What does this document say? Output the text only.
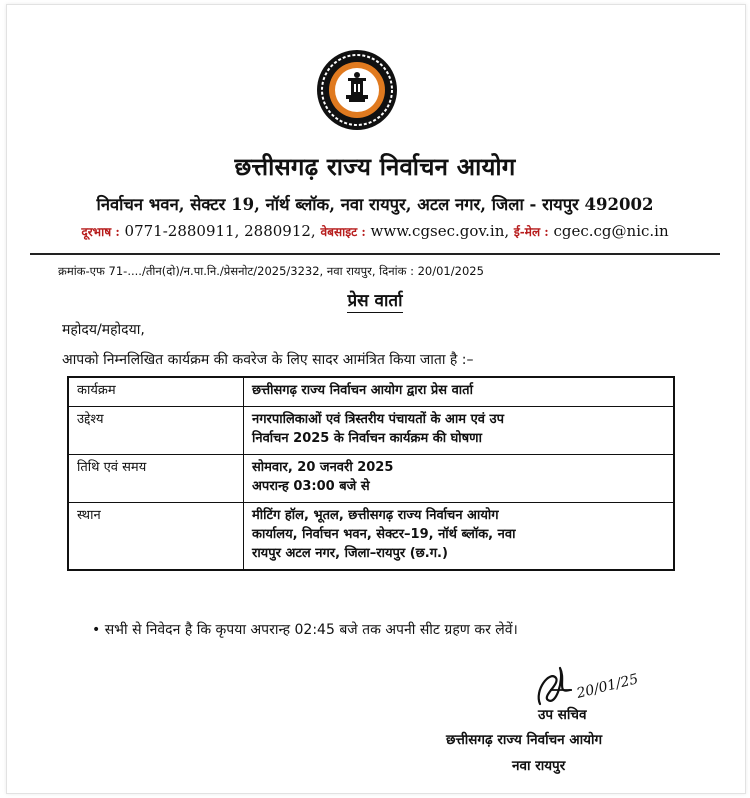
छत्तीसगढ़ राज्य निर्वाचन आयोग
निर्वाचन भवन, सेक्टर 19, नॉर्थ ब्लॉक, नवा रायपुर, अटल नगर, जिला - रायपुर 492002
दूरभाष : 0771-2880911, 2880912, वेबसाइट : www.cgsec.gov.in, ई-मेल : cgec.cg@nic.in
क्रमांक-एफ 71-..../तीन(दो)/न.पा.नि./प्रेसनोट/2025/3232, नवा रायपुर, दिनांक : 20/01/2025
प्रेस वार्ता
महोदय/महोदया,
आपको निम्नलिखित कार्यक्रम की कवरेज के लिए सादर आमंत्रित किया जाता है :–
कार्यक्रम	छत्तीसगढ़ राज्य निर्वाचन आयोग द्वारा प्रेस वार्ता

उद्देश्य	नगरपालिकाओं एवं त्रिस्तरीय पंचायतों के आम एवं उप
निर्वाचन 2025 के निर्वाचन कार्यक्रम की घोषणा

तिथि एवं समय	सोमवार, 20 जनवरी 2025
अपरान्ह 03:00 बजे से

स्थान	मीटिंग हॉल, भूतल, छत्तीसगढ़ राज्य निर्वाचन आयोग
कार्यालय, निर्वाचन भवन, सेक्टर–19, नॉर्थ ब्लॉक, नवा
रायपुर अटल नगर, जिला–रायपुर (छ.ग.)
• सभी से निवेदन है कि कृपया अपरान्ह 02:45 बजे तक अपनी सीट ग्रहण कर लेवें।
20/01/25
उप सचिव
छत्तीसगढ़ राज्य निर्वाचन आयोग
नवा रायपुर
